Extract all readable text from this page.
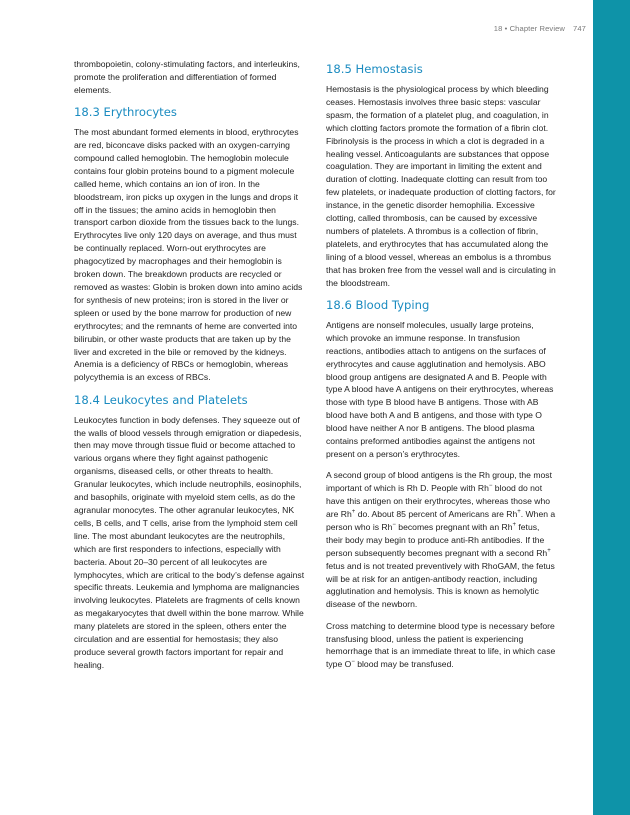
18 • Chapter Review 747

thrombopoietin, colony-stimulating factors, and interleukins, promote the proliferation and differentiation of formed elements.

18.3 Erythrocytes

The most abundant formed elements in blood, erythrocytes are red, biconcave disks packed with an oxygen-carrying compound called hemoglobin. The hemoglobin molecule contains four globin proteins bound to a pigment molecule called heme, which contains an ion of iron. In the bloodstream, iron picks up oxygen in the lungs and drops it off in the tissues; the amino acids in hemoglobin then transport carbon dioxide from the tissues back to the lungs. Erythrocytes live only 120 days on average, and thus must be continually replaced. Worn-out erythrocytes are phagocytized by macrophages and their hemoglobin is broken down. The breakdown products are recycled or removed as wastes: Globin is broken down into amino acids for synthesis of new proteins; iron is stored in the liver or spleen or used by the bone marrow for production of new erythrocytes; and the remnants of heme are converted into bilirubin, or other waste products that are taken up by the liver and excreted in the bile or removed by the kidneys. Anemia is a deficiency of RBCs or hemoglobin, whereas polycythemia is an excess of RBCs.

18.4 Leukocytes and Platelets

Leukocytes function in body defenses. They squeeze out of the walls of blood vessels through emigration or diapedesis, then may move through tissue fluid or become attached to various organs where they fight against pathogenic organisms, diseased cells, or other threats to health. Granular leukocytes, which include neutrophils, eosinophils, and basophils, originate with myeloid stem cells, as do the agranular monocytes. The other agranular leukocytes, NK cells, B cells, and T cells, arise from the lymphoid stem cell line. The most abundant leukocytes are the neutrophils, which are first responders to infections, especially with bacteria. About 20–30 percent of all leukocytes are lymphocytes, which are critical to the body’s defense against specific threats. Leukemia and lymphoma are malignancies involving leukocytes. Platelets are fragments of cells known as megakaryocytes that dwell within the bone marrow. While many platelets are stored in the spleen, others enter the circulation and are essential for hemostasis; they also produce several growth factors important for repair and healing.

18.5 Hemostasis

Hemostasis is the physiological process by which bleeding ceases. Hemostasis involves three basic steps: vascular spasm, the formation of a platelet plug, and coagulation, in which clotting factors promote the formation of a fibrin clot. Fibrinolysis is the process in which a clot is degraded in a healing vessel. Anticoagulants are substances that oppose coagulation. They are important in limiting the extent and duration of clotting. Inadequate clotting can result from too few platelets, or inadequate production of clotting factors, for instance, in the genetic disorder hemophilia. Excessive clotting, called thrombosis, can be caused by excessive numbers of platelets. A thrombus is a collection of fibrin, platelets, and erythrocytes that has accumulated along the lining of a blood vessel, whereas an embolus is a thrombus that has broken free from the vessel wall and is circulating in the bloodstream.

18.6 Blood Typing

Antigens are nonself molecules, usually large proteins, which provoke an immune response. In transfusion reactions, antibodies attach to antigens on the surfaces of erythrocytes and cause agglutination and hemolysis. ABO blood group antigens are designated A and B. People with type A blood have A antigens on their erythrocytes, whereas those with type B blood have B antigens. Those with AB blood have both A and B antigens, and those with type O blood have neither A nor B antigens. The blood plasma contains preformed antibodies against the antigens not present on a person’s erythrocytes.

A second group of blood antigens is the Rh group, the most important of which is Rh D. People with Rh− blood do not have this antigen on their erythrocytes, whereas those who are Rh+ do. About 85 percent of Americans are Rh+. When a person who is Rh− becomes pregnant with an Rh+ fetus, their body may begin to produce anti-Rh antibodies. If the person subsequently becomes pregnant with a second Rh+ fetus and is not treated preventively with RhoGAM, the fetus will be at risk for an antigen-antibody reaction, including agglutination and hemolysis. This is known as hemolytic disease of the newborn.

Cross matching to determine blood type is necessary before transfusing blood, unless the patient is experiencing hemorrhage that is an immediate threat to life, in which case type O− blood may be transfused.
